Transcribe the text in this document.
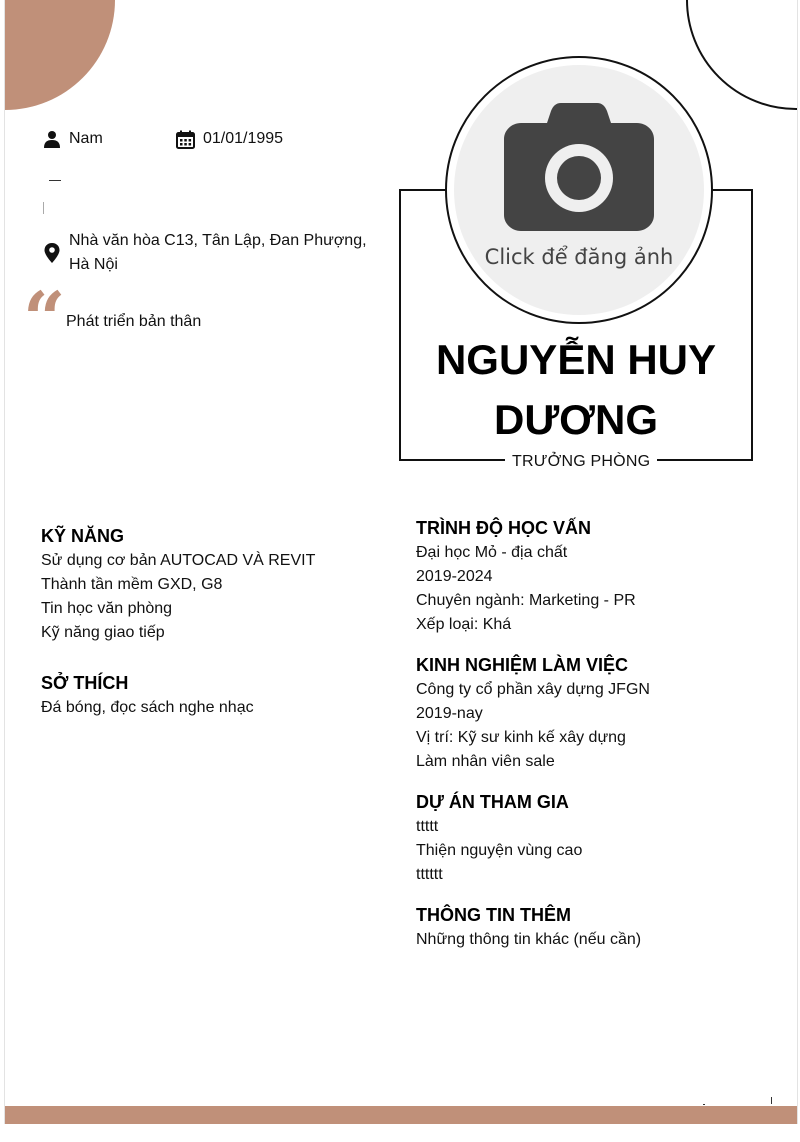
Nam	01/01/1995
Nhà văn hòa C13, Tân Lập, Đan Phượng, Hà Nội
“ Phát triển bản thân
Click để đăng ảnh
NGUYỄN HUY DƯƠNG
TRƯỞNG PHÒNG
KỸ NĂNG
Sử dụng cơ bản AUTOCAD VÀ REVIT
Thành tần mềm GXD, G8
Tin học văn phòng
Kỹ năng giao tiếp
SỞ THÍCH
Đá bóng, đọc sách nghe nhạc
TRÌNH ĐỘ HỌC VẤN
Đại học Mỏ - địa chất
2019-2024
Chuyên ngành: Marketing - PR
Xếp loại: Khá
KINH NGHIỆM LÀM VIỆC
Công ty cổ phần xây dựng JFGN
2019-nay
Vị trí: Kỹ sư kinh kế xây dựng
Làm nhân viên sale
DỰ ÁN THAM GIA
ttttt
Thiện nguyện vùng cao
tttttt
THÔNG TIN THÊM
Những thông tin khác (nếu cần)
